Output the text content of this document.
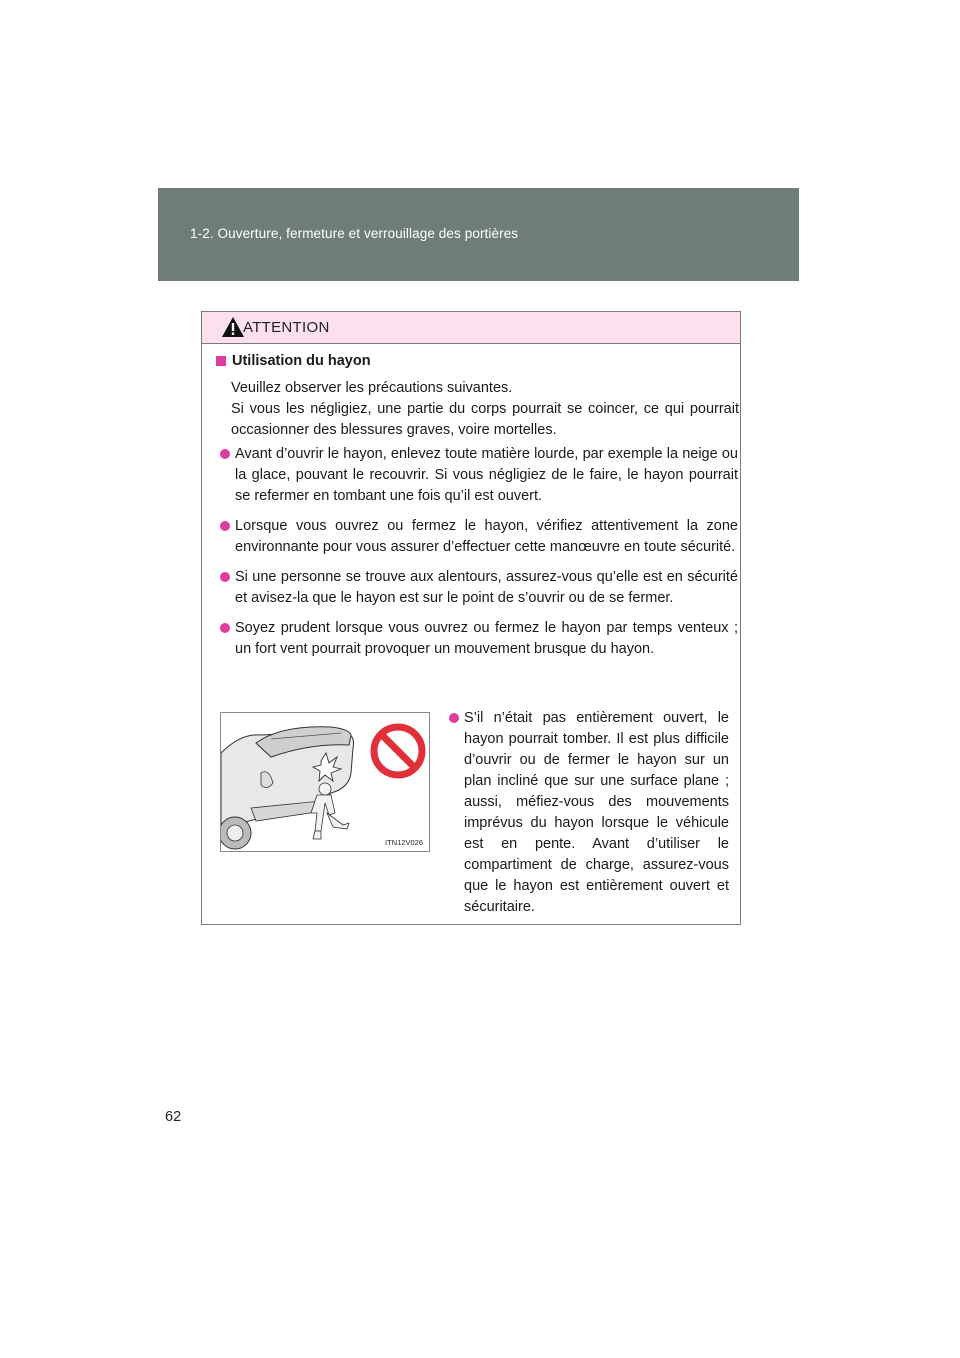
1-2. Ouverture, fermeture et verrouillage des portières
ATTENTION
Utilisation du hayon
Veuillez observer les précautions suivantes.
Si vous les négligiez, une partie du corps pourrait se coincer, ce qui pourrait occasionner des blessures graves, voire mortelles.
Avant d’ouvrir le hayon, enlevez toute matière lourde, par exemple la neige ou la glace, pouvant le recouvrir. Si vous négligiez de le faire, le hayon pourrait se refermer en tombant une fois qu’il est ouvert.
Lorsque vous ouvrez ou fermez le hayon, vérifiez attentivement la zone environnante pour vous assurer d’effectuer cette manœuvre en toute sécurité.
Si une personne se trouve aux alentours, assurez-vous qu’elle est en sécurité et avisez-la que le hayon est sur le point de s’ouvrir ou de se fermer.
Soyez prudent lorsque vous ouvrez ou fermez le hayon par temps venteux ; un fort vent pourrait provoquer un mouvement brusque du hayon.
ITN12V026
S’il n’était pas entièrement ouvert, le hayon pourrait tomber. Il est plus difficile d’ouvrir ou de fermer le hayon sur un plan incliné que sur une surface plane ; aussi, méfiez-vous des mouvements imprévus du hayon lorsque le véhicule est en pente. Avant d’utiliser le compartiment de charge, assurez-vous que le hayon est entièrement ouvert et sécuritaire.
62
